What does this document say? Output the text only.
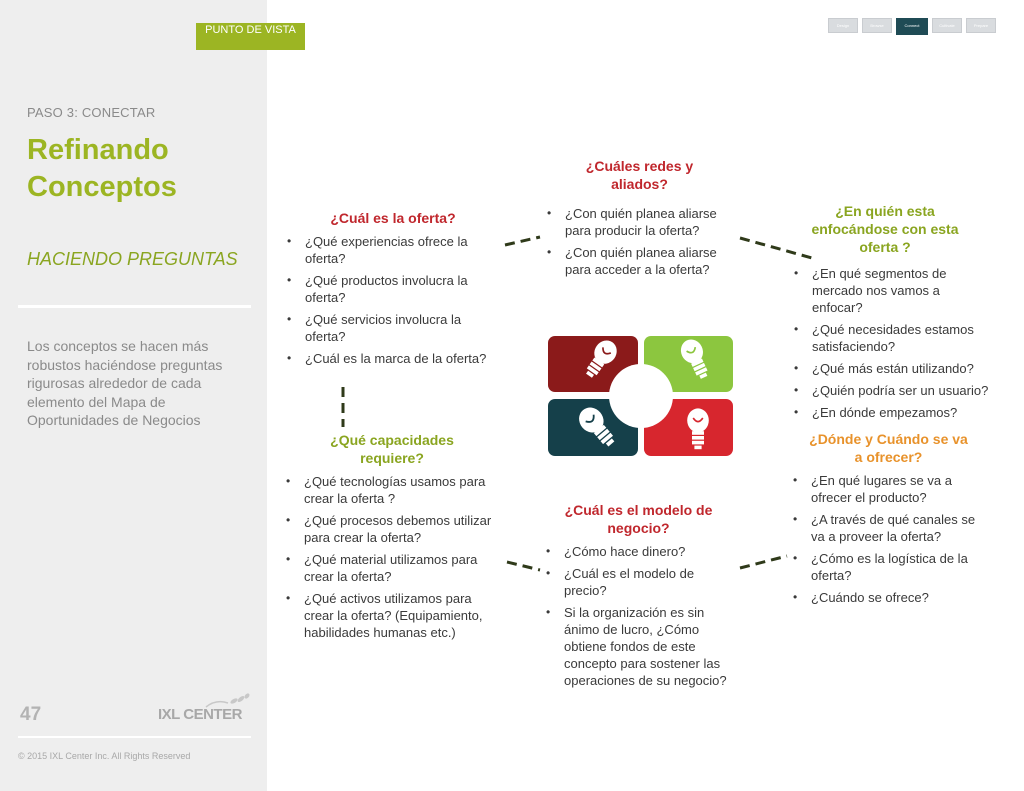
PASO 3: CONECTAR
Refinando Conceptos
HACIENDO PREGUNTAS
Los conceptos se hacen más robustos haciéndose preguntas rigurosas alrededor de cada elemento del Mapa de Oportunidades de Negocios
47	IXL CENTER
© 2015 IXL Center Inc. All Rights Reserved
PUNTO DE VISTA	Design	Browse	Connect	Cultivate	Prepare
¿Cuál es la oferta?
• ¿Qué experiencias ofrece la oferta?
• ¿Qué productos involucra la oferta?
• ¿Qué servicios involucra la oferta?
• ¿Cuál es la marca de la oferta?
¿Cuáles redes y aliados?
• ¿Con quién planea aliarse para producir la oferta?
• ¿Con quién planea aliarse para acceder a la oferta?
¿En quién esta enfocándose con esta oferta ?
• ¿En qué segmentos de mercado nos vamos a enfocar?
• ¿Qué necesidades estamos satisfaciendo?
• ¿Qué más están utilizando?
• ¿Quién podría ser un usuario?
• ¿En dónde empezamos?
¿Qué capacidades requiere?
• ¿Qué tecnologías usamos para crear la oferta ?
• ¿Qué procesos debemos utilizar para crear la oferta?
• ¿Qué material utilizamos para crear la oferta?
• ¿Qué activos utilizamos para crear la oferta? (Equipamiento, habilidades humanas etc.)
¿Cuál es el modelo de negocio?
• ¿Cómo hace dinero?
• ¿Cuál es el modelo de precio?
• Si la organización es sin ánimo de lucro, ¿Cómo obtiene fondos de este concepto para sostener las operaciones de su negocio?
¿Dónde y Cuándo se va a ofrecer?
• ¿En qué lugares se va a ofrecer el producto?
• ¿A través de qué canales se va a proveer la oferta?
• ¿Cómo es la logística de la oferta?
• ¿Cuándo se ofrece?
